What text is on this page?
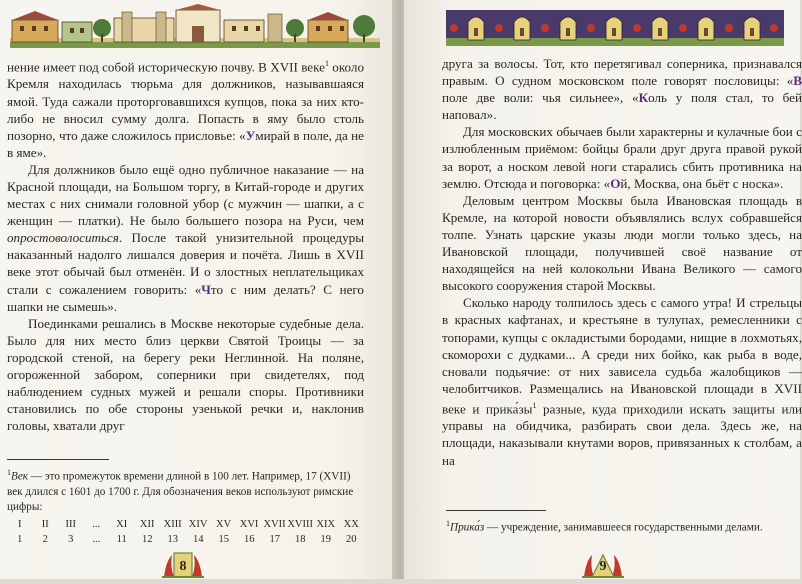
нение имеет под собой историческую почву. В XVII веке$^1$ около Кремля находилась тюрьма для должников, называвшаяся ямой. Туда сажали проторговавшихся купцов, пока за них кто-либо не вносил сумму долга. Попасть в яму было столь позорно, что даже сложилось присловье: «Умирай в поле, да не в яме».

Для должников было ещё одно публичное наказание — на Красной площади, на Большом торгу, в Китай-городе и других местах с них снимали головной убор (с мужчин — шапки, а с женщин — платки). Не было большего позора на Руси, чем опростоволоситься. После такой унизительной процедуры наказанный надолго лишался доверия и почёта. Лишь в XVII веке этот обычай был отменён. И о злостных неплательщиках стали с сожалением говорить: «Что с ним делать? С него шапки не сымешь».

Поединками решались в Москве некоторые судебные дела. Было для них место близ церкви Святой Троицы — за городской стеной, на берегу реки Неглинной. На поляне, огороженной забором, соперники при свидетелях, под наблюдением судных мужей и решали споры. Противники становились по обе стороны узенькой речки и, наклонив головы, хватали друг

$^1$Век — это промежуток времени длиной в 100 лет. Например, 17 (XVII) век длился с 1601 до 1700 г. Для обозначения веков используют римские цифры:
I	II	III	...	XI	XII XIII XIV XV XVI XVII XVIII XIX XX
1	2	3	...	11	12	13	14	15	16	17	18	19	20
8

друга за волосы. Тот, кто перетягивал соперника, признавался правым. О судном московском поле говорят пословицы: «В поле две воли: чья сильнее», «Коль у поля стал, то бей наповал».

Для московских обычаев были характерны и кулачные бои с излюбленным приёмом: бойцы брали друг друга правой рукой за ворот, а носком левой ноги старались сбить противника на землю. Отсюда и поговорка: «Ой, Москва, она бьёт с носка».

Деловым центром Москвы была Ивановская площадь в Кремле, на которой новости объявлялись вслух собравшейся толпе. Узнать царские указы люди могли только здесь, на Ивановской площади, получившей своё название от находящейся на ней колокольни Ивана Великого — самого высокого сооружения старой Москвы.

Сколько народу толпилось здесь с самого утра! И стрельцы в красных кафтанах, и крестьяне в тулупах, ремесленники с топорами, купцы с окладистыми бородами, нищие в лохмотьях, скоморохи с дудками... А среди них бойко, как рыба в воде, сновали подьячие: от них зависела судьба жалобщиков — челобитчиков. Размещались на Ивановской площади в XVII веке и $прика́зы^1$ разные, куда приходили искать защиты или управы на обидчика, разбирать свои дела. Здесь же, на площади, наказывали кнутами воров, привязанных к столбам, а на

$^1$Прика́з — учреждение, занимавшееся государственными делами.
9
